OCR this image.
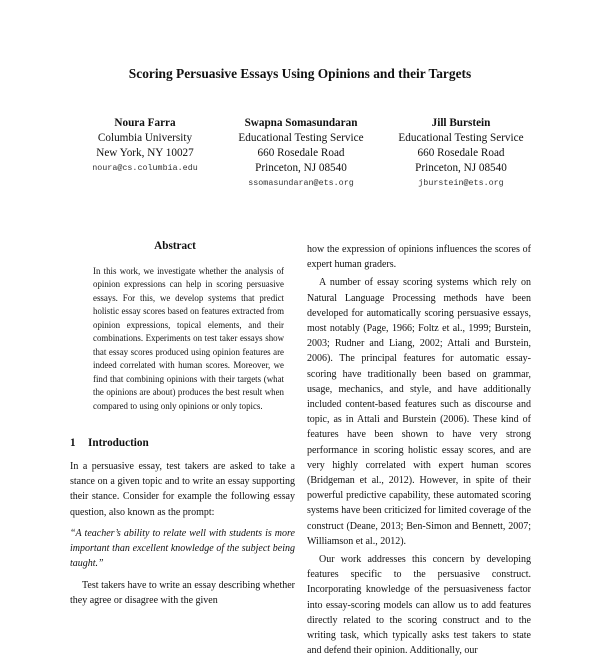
Scoring Persuasive Essays Using Opinions and their Targets
Noura Farra
Columbia University
New York, NY 10027
noura@cs.columbia.edu
Swapna Somasundaran
Educational Testing Service
660 Rosedale Road
Princeton, NJ 08540
ssomasundaran@ets.org
Jill Burstein
Educational Testing Service
660 Rosedale Road
Princeton, NJ 08540
jburstein@ets.org
Abstract
In this work, we investigate whether the analysis of opinion expressions can help in scoring persuasive essays. For this, we develop systems that predict holistic essay scores based on features extracted from opinion expressions, topical elements, and their combinations. Experiments on test taker essays show that essay scores produced using opinion features are indeed correlated with human scores. Moreover, we find that combining opinions with their targets (what the opinions are about) produces the best result when compared to using only opinions or only topics.
1 Introduction
In a persuasive essay, test takers are asked to take a stance on a given topic and to write an essay supporting their stance. Consider for example the following essay question, also known as the prompt:
“A teacher’s ability to relate well with students is more important than excellent knowledge of the subject being taught.”
Test takers have to write an essay describing whether they agree or disagree with the given

how the expression of opinions influences the scores of expert human graders.

A number of essay scoring systems which rely on Natural Language Processing methods have been developed for automatically scoring persuasive essays, most notably (Page, 1966; Foltz et al., 1999; Burstein, 2003; Rudner and Liang, 2002; Attali and Burstein, 2006). The principal features for automatic essay-scoring have traditionally been based on grammar, usage, mechanics, and style, and have additionally included content-based features such as discourse and topic, as in Attali and Burstein (2006). These kind of features have been shown to have very strong performance in scoring holistic essay scores, and are very highly correlated with expert human scores (Bridgeman et al., 2012). However, in spite of their powerful predictive capability, these automated scoring systems have been criticized for limited coverage of the construct (Deane, 2013; Ben-Simon and Bennett, 2007; Williamson et al., 2012).

Our work addresses this concern by developing features specific to the persuasive construct. Incorporating knowledge of the persuasiveness factor into essay-scoring models can allow us to add features directly related to the scoring construct and to the writing task, which typically asks test takers to state and defend their opinion. Additionally, our
